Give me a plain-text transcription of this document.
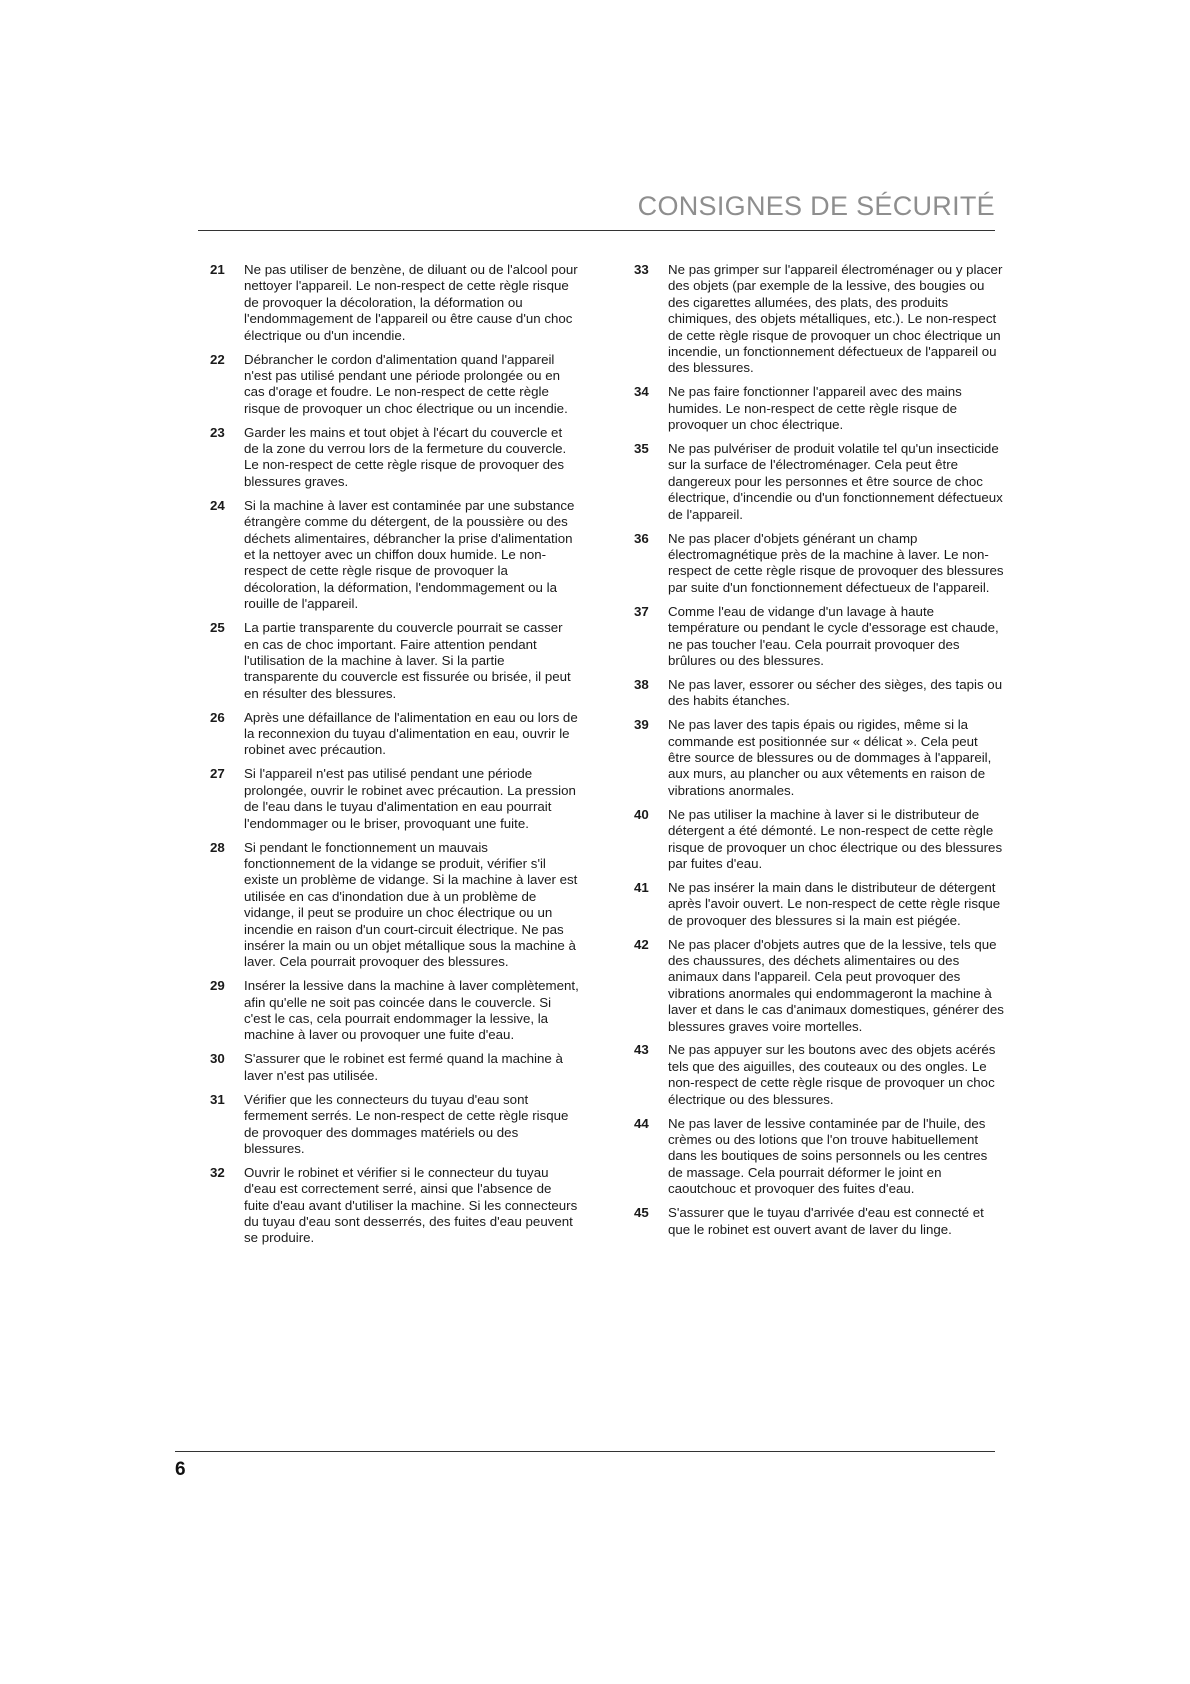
CONSIGNES DE SÉCURITÉ
21	Ne pas utiliser de benzène, de diluant ou de l'alcool pour nettoyer l'appareil. Le non-respect de cette règle risque de provoquer la décoloration, la déformation ou l'endommagement de l'appareil ou être cause d'un choc électrique ou d'un incendie.
22	Débrancher le cordon d'alimentation quand l'appareil n'est pas utilisé pendant une période prolongée ou en cas d'orage et foudre. Le non-respect de cette règle risque de provoquer un choc électrique ou un incendie.
23	Garder les mains et tout objet à l'écart du couvercle et de la zone du verrou lors de la fermeture du couvercle. Le non-respect de cette règle risque de provoquer des blessures graves.
24	Si la machine à laver est contaminée par une substance étrangère comme du détergent, de la poussière ou des déchets alimentaires, débrancher la prise d'alimentation et la nettoyer avec un chiffon doux humide. Le non-respect de cette règle risque de provoquer la décoloration, la déformation, l'endommagement ou la rouille de l'appareil.
25	La partie transparente du couvercle pourrait se casser en cas de choc important. Faire attention pendant l'utilisation de la machine à laver. Si la partie transparente du couvercle est fissurée ou brisée, il peut en résulter des blessures.
26	Après une défaillance de l'alimentation en eau ou lors de la reconnexion du tuyau d'alimentation en eau, ouvrir le robinet avec précaution.
27	Si l'appareil n'est pas utilisé pendant une période prolongée, ouvrir le robinet avec précaution. La pression de l'eau dans le tuyau d'alimentation en eau pourrait l'endommager ou le briser, provoquant une fuite.
28	Si pendant le fonctionnement un mauvais fonctionnement de la vidange se produit, vérifier s'il existe un problème de vidange. Si la machine à laver est utilisée en cas d'inondation due à un problème de vidange, il peut se produire un choc électrique ou un incendie en raison d'un court-circuit électrique. Ne pas insérer la main ou un objet métallique sous la machine à laver. Cela pourrait provoquer des blessures.
29	Insérer la lessive dans la machine à laver complètement, afin qu'elle ne soit pas coincée dans le couvercle. Si c'est le cas, cela pourrait endommager la lessive, la machine à laver ou provoquer une fuite d'eau.
30	S'assurer que le robinet est fermé quand la machine à laver n'est pas utilisée.
31	Vérifier que les connecteurs du tuyau d'eau sont fermement serrés. Le non-respect de cette règle risque de provoquer des dommages matériels ou des blessures.
32	Ouvrir le robinet et vérifier si le connecteur du tuyau d'eau est correctement serré, ainsi que l'absence de fuite d'eau avant d'utiliser la machine. Si les connecteurs du tuyau d'eau sont desserrés, des fuites d'eau peuvent se produire.
33	Ne pas grimper sur l'appareil électroménager ou y placer des objets (par exemple de la lessive, des bougies ou des cigarettes allumées, des plats, des produits chimiques, des objets métalliques, etc.). Le non-respect de cette règle risque de provoquer un choc électrique un incendie, un fonctionnement défectueux de l'appareil ou des blessures.
34	Ne pas faire fonctionner l'appareil avec des mains humides. Le non-respect de cette règle risque de provoquer un choc électrique.
35	Ne pas pulvériser de produit volatile tel qu'un insecticide sur la surface de l'électroménager. Cela peut être dangereux pour les personnes et être source de choc électrique, d'incendie ou d'un fonctionnement défectueux de l'appareil.
36	Ne pas placer d'objets générant un champ électromagnétique près de la machine à laver. Le non-respect de cette règle risque de provoquer des blessures par suite d'un fonctionnement défectueux de l'appareil.
37	Comme l'eau de vidange d'un lavage à haute température ou pendant le cycle d'essorage est chaude, ne pas toucher l'eau. Cela pourrait provoquer des brûlures ou des blessures.
38	Ne pas laver, essorer ou sécher des sièges, des tapis ou des habits étanches.
39	Ne pas laver des tapis épais ou rigides, même si la commande est positionnée sur « délicat ». Cela peut être source de blessures ou de dommages à l'appareil, aux murs, au plancher ou aux vêtements en raison de vibrations anormales.
40	Ne pas utiliser la machine à laver si le distributeur de détergent a été démonté. Le non-respect de cette règle risque de provoquer un choc électrique ou des blessures par fuites d'eau.
41	Ne pas insérer la main dans le distributeur de détergent après l'avoir ouvert. Le non-respect de cette règle risque de provoquer des blessures si la main est piégée.
42	Ne pas placer d'objets autres que de la lessive, tels que des chaussures, des déchets alimentaires ou des animaux dans l'appareil. Cela peut provoquer des vibrations anormales qui endommageront la machine à laver et dans le cas d'animaux domestiques, générer des blessures graves voire mortelles.
43	Ne pas appuyer sur les boutons avec des objets acérés tels que des aiguilles, des couteaux ou des ongles. Le non-respect de cette règle risque de provoquer un choc électrique ou des blessures.
44	Ne pas laver de lessive contaminée par de l'huile, des crèmes ou des lotions que l'on trouve habituellement dans les boutiques de soins personnels ou les centres de massage. Cela pourrait déformer le joint en caoutchouc et provoquer des fuites d'eau.
45	S'assurer que le tuyau d'arrivée d'eau est connecté et que le robinet est ouvert avant de laver du linge.
6
